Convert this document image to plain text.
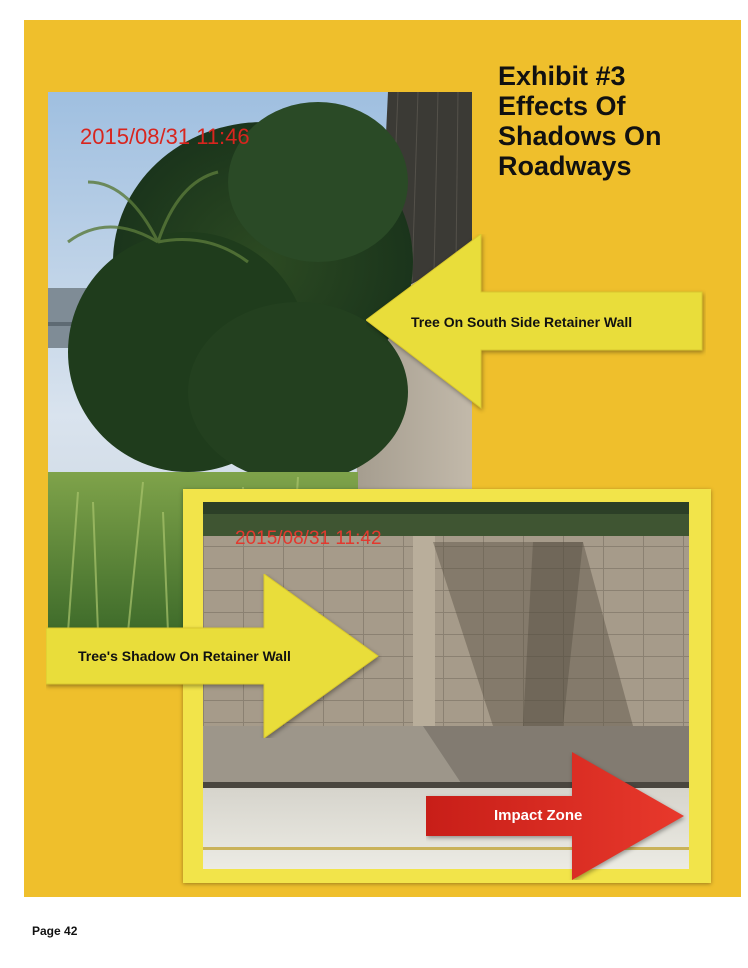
Exhibit #3
Effects Of
Shadows On
Roadways
2015/08/31 11:46
Tree On South Side Retainer Wall
2015/08/31 11:42
Tree's Shadow On Retainer Wall
Impact Zone
Page 42
